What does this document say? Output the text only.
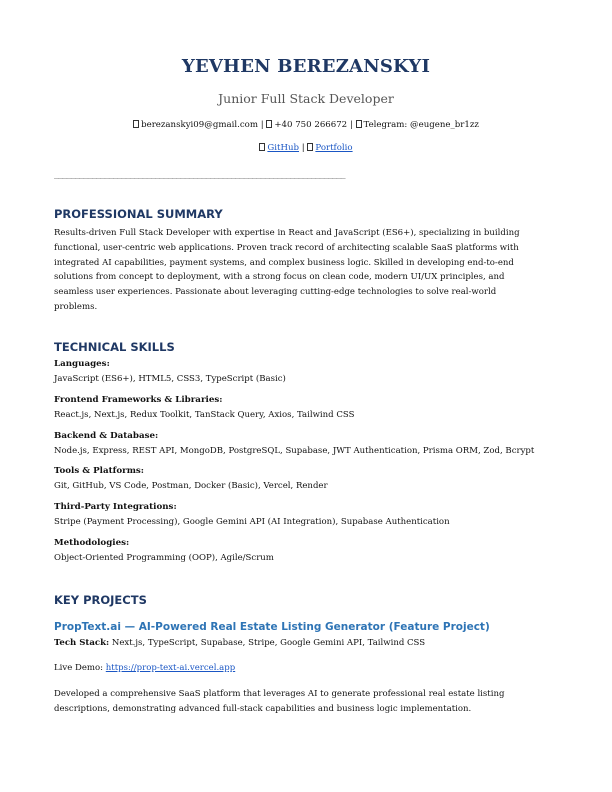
YEVHEN BEREZANSKYI
Junior Full Stack Developer
berezanskyi09@gmail.com | +40 750 266672 | Telegram: @eugene_br1zz
GitHub | Portfolio
_____________________________________________________________________
PROFESSIONAL SUMMARY
Results-driven Full Stack Developer with expertise in React and JavaScript (ES6+), specializing in building
functional, user-centric web applications. Proven track record of architecting scalable SaaS platforms with
integrated AI capabilities, payment systems, and complex business logic. Skilled in developing end-to-end
solutions from concept to deployment, with a strong focus on clean code, modern UI/UX principles, and
seamless user experiences. Passionate about leveraging cutting-edge technologies to solve real-world
problems.
TECHNICAL SKILLS
Languages:
JavaScript (ES6+), HTML5, CSS3, TypeScript (Basic)
Frontend Frameworks & Libraries:
React.js, Next.js, Redux Toolkit, TanStack Query, Axios, Tailwind CSS
Backend & Database:
Node.js, Express, REST API, MongoDB, PostgreSQL, Supabase, JWT Authentication, Prisma ORM, Zod, Bcrypt
Tools & Platforms:
Git, GitHub, VS Code, Postman, Docker (Basic), Vercel, Render
Third-Party Integrations:
Stripe (Payment Processing), Google Gemini API (AI Integration), Supabase Authentication
Methodologies:
Object-Oriented Programming (OOP), Agile/Scrum
KEY PROJECTS
PropText.ai — AI-Powered Real Estate Listing Generator (Feature Project)
Tech Stack: Next.js, TypeScript, Supabase, Stripe, Google Gemini API, Tailwind CSS
Live Demo: https://prop-text-ai.vercel.app
Developed a comprehensive SaaS platform that leverages AI to generate professional real estate listing
descriptions, demonstrating advanced full-stack capabilities and business logic implementation.
